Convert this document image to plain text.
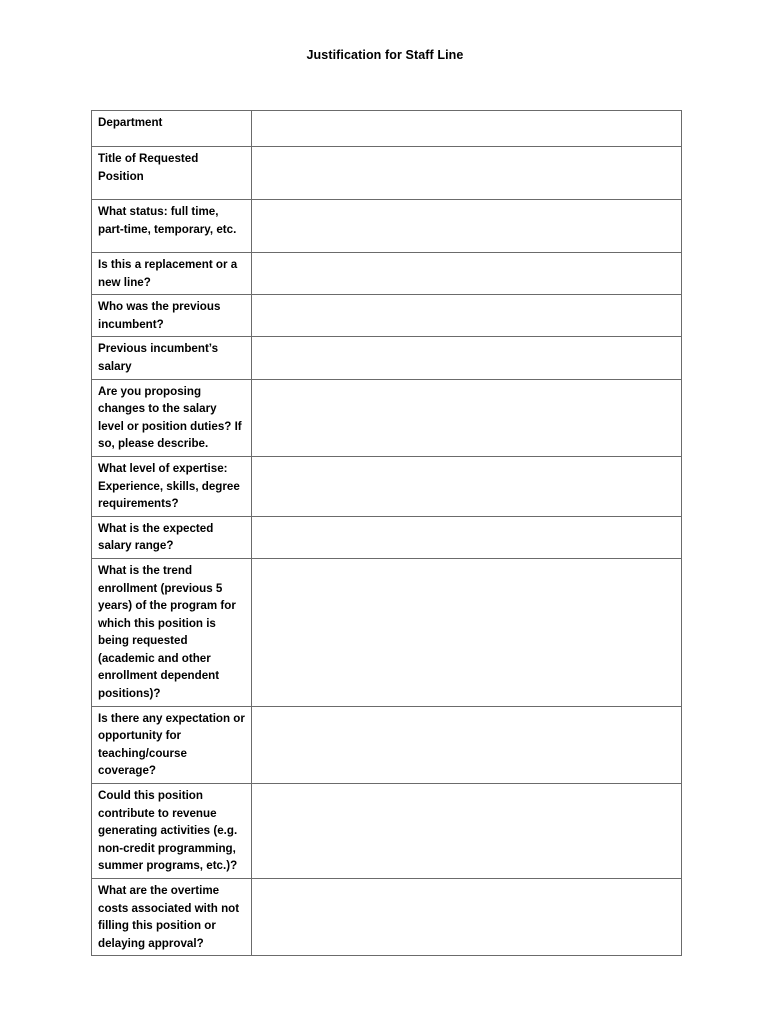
Justification for Staff Line
Department	
Title of Requested Position	
What status: full time, part-time, temporary, etc.	
Is this a replacement or a new line?	
Who was the previous incumbent?	
Previous incumbent’s salary	
Are you proposing changes to the salary level or position duties? If so, please describe.	
What level of expertise: Experience, skills, degree requirements?	
What is the expected salary range?	
What is the trend enrollment (previous 5 years) of the program for which this position is being requested (academic and other enrollment dependent positions)?	
Is there any expectation or opportunity for teaching/course coverage?	
Could this position contribute to revenue generating activities (e.g. non-credit programming, summer programs, etc.)?	
What are the overtime costs associated with not filling this position or delaying approval?	
